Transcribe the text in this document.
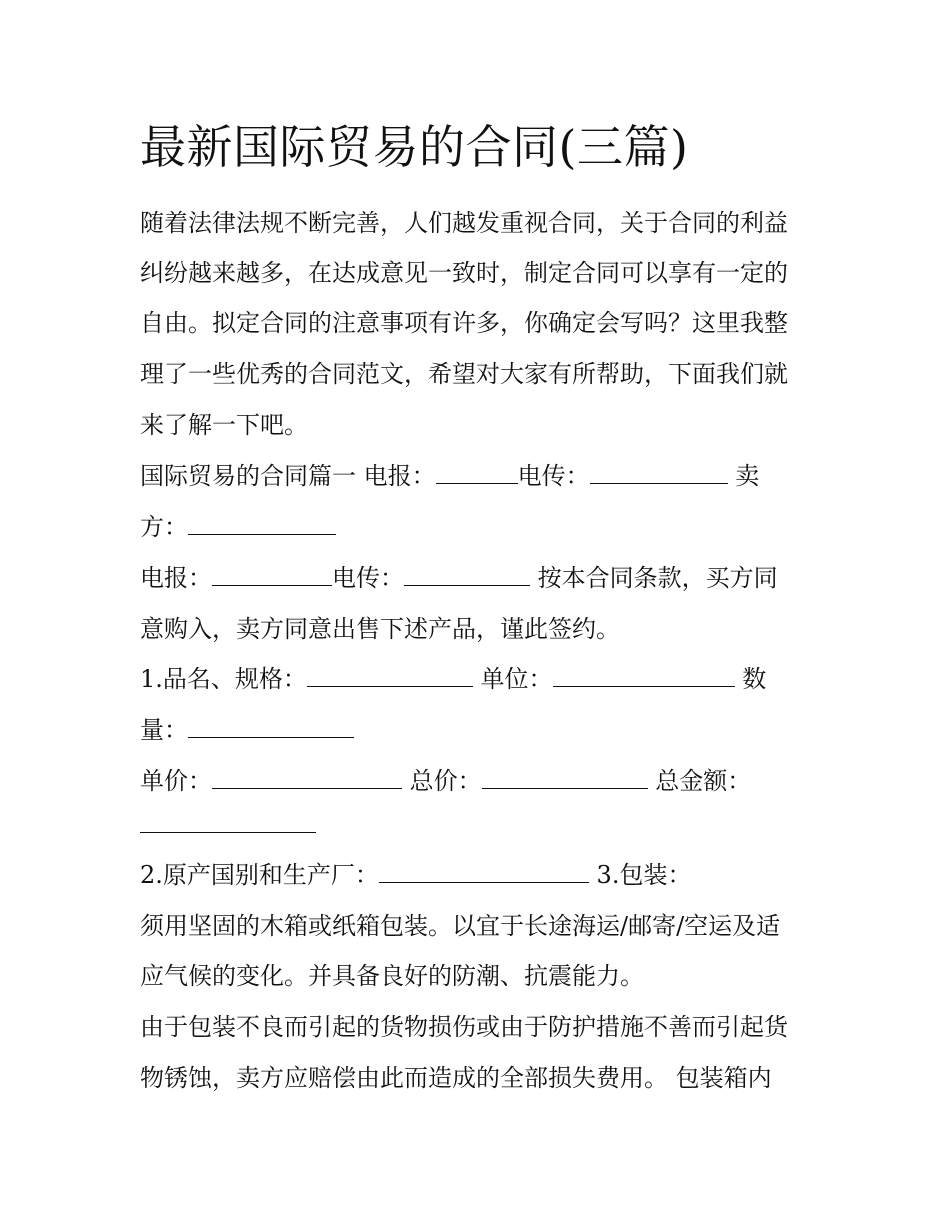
最新国际贸易的合同(三篇)

随着法律法规不断完善，人们越发重视合同，关于合同的利益

纠纷越来越多，在达成意见一致时，制定合同可以享有一定的

自由。拟定合同的注意事项有许多，你确定会写吗？这里我整

理了一些优秀的合同范文，希望对大家有所帮助，下面我们就

来了解一下吧。

国际贸易的合同篇一 电报：	电传：	卖

方：

电报：	电传：	按本合同条款，买方同

意购入，卖方同意出售下述产品，谨此签约。

1.品名、规格：	单位：	数

量：

单价：	总价：	总金额：

2.原产国别和生产厂：	3.包装：

须用坚固的木箱或纸箱包装。以宜于长途海运/邮寄/空运及适

应气候的变化。并具备良好的防潮、抗震能力。

由于包装不良而引起的货物损伤或由于防护措施不善而引起货

物锈蚀，卖方应赔偿由此而造成的全部损失费用。 包装箱内
